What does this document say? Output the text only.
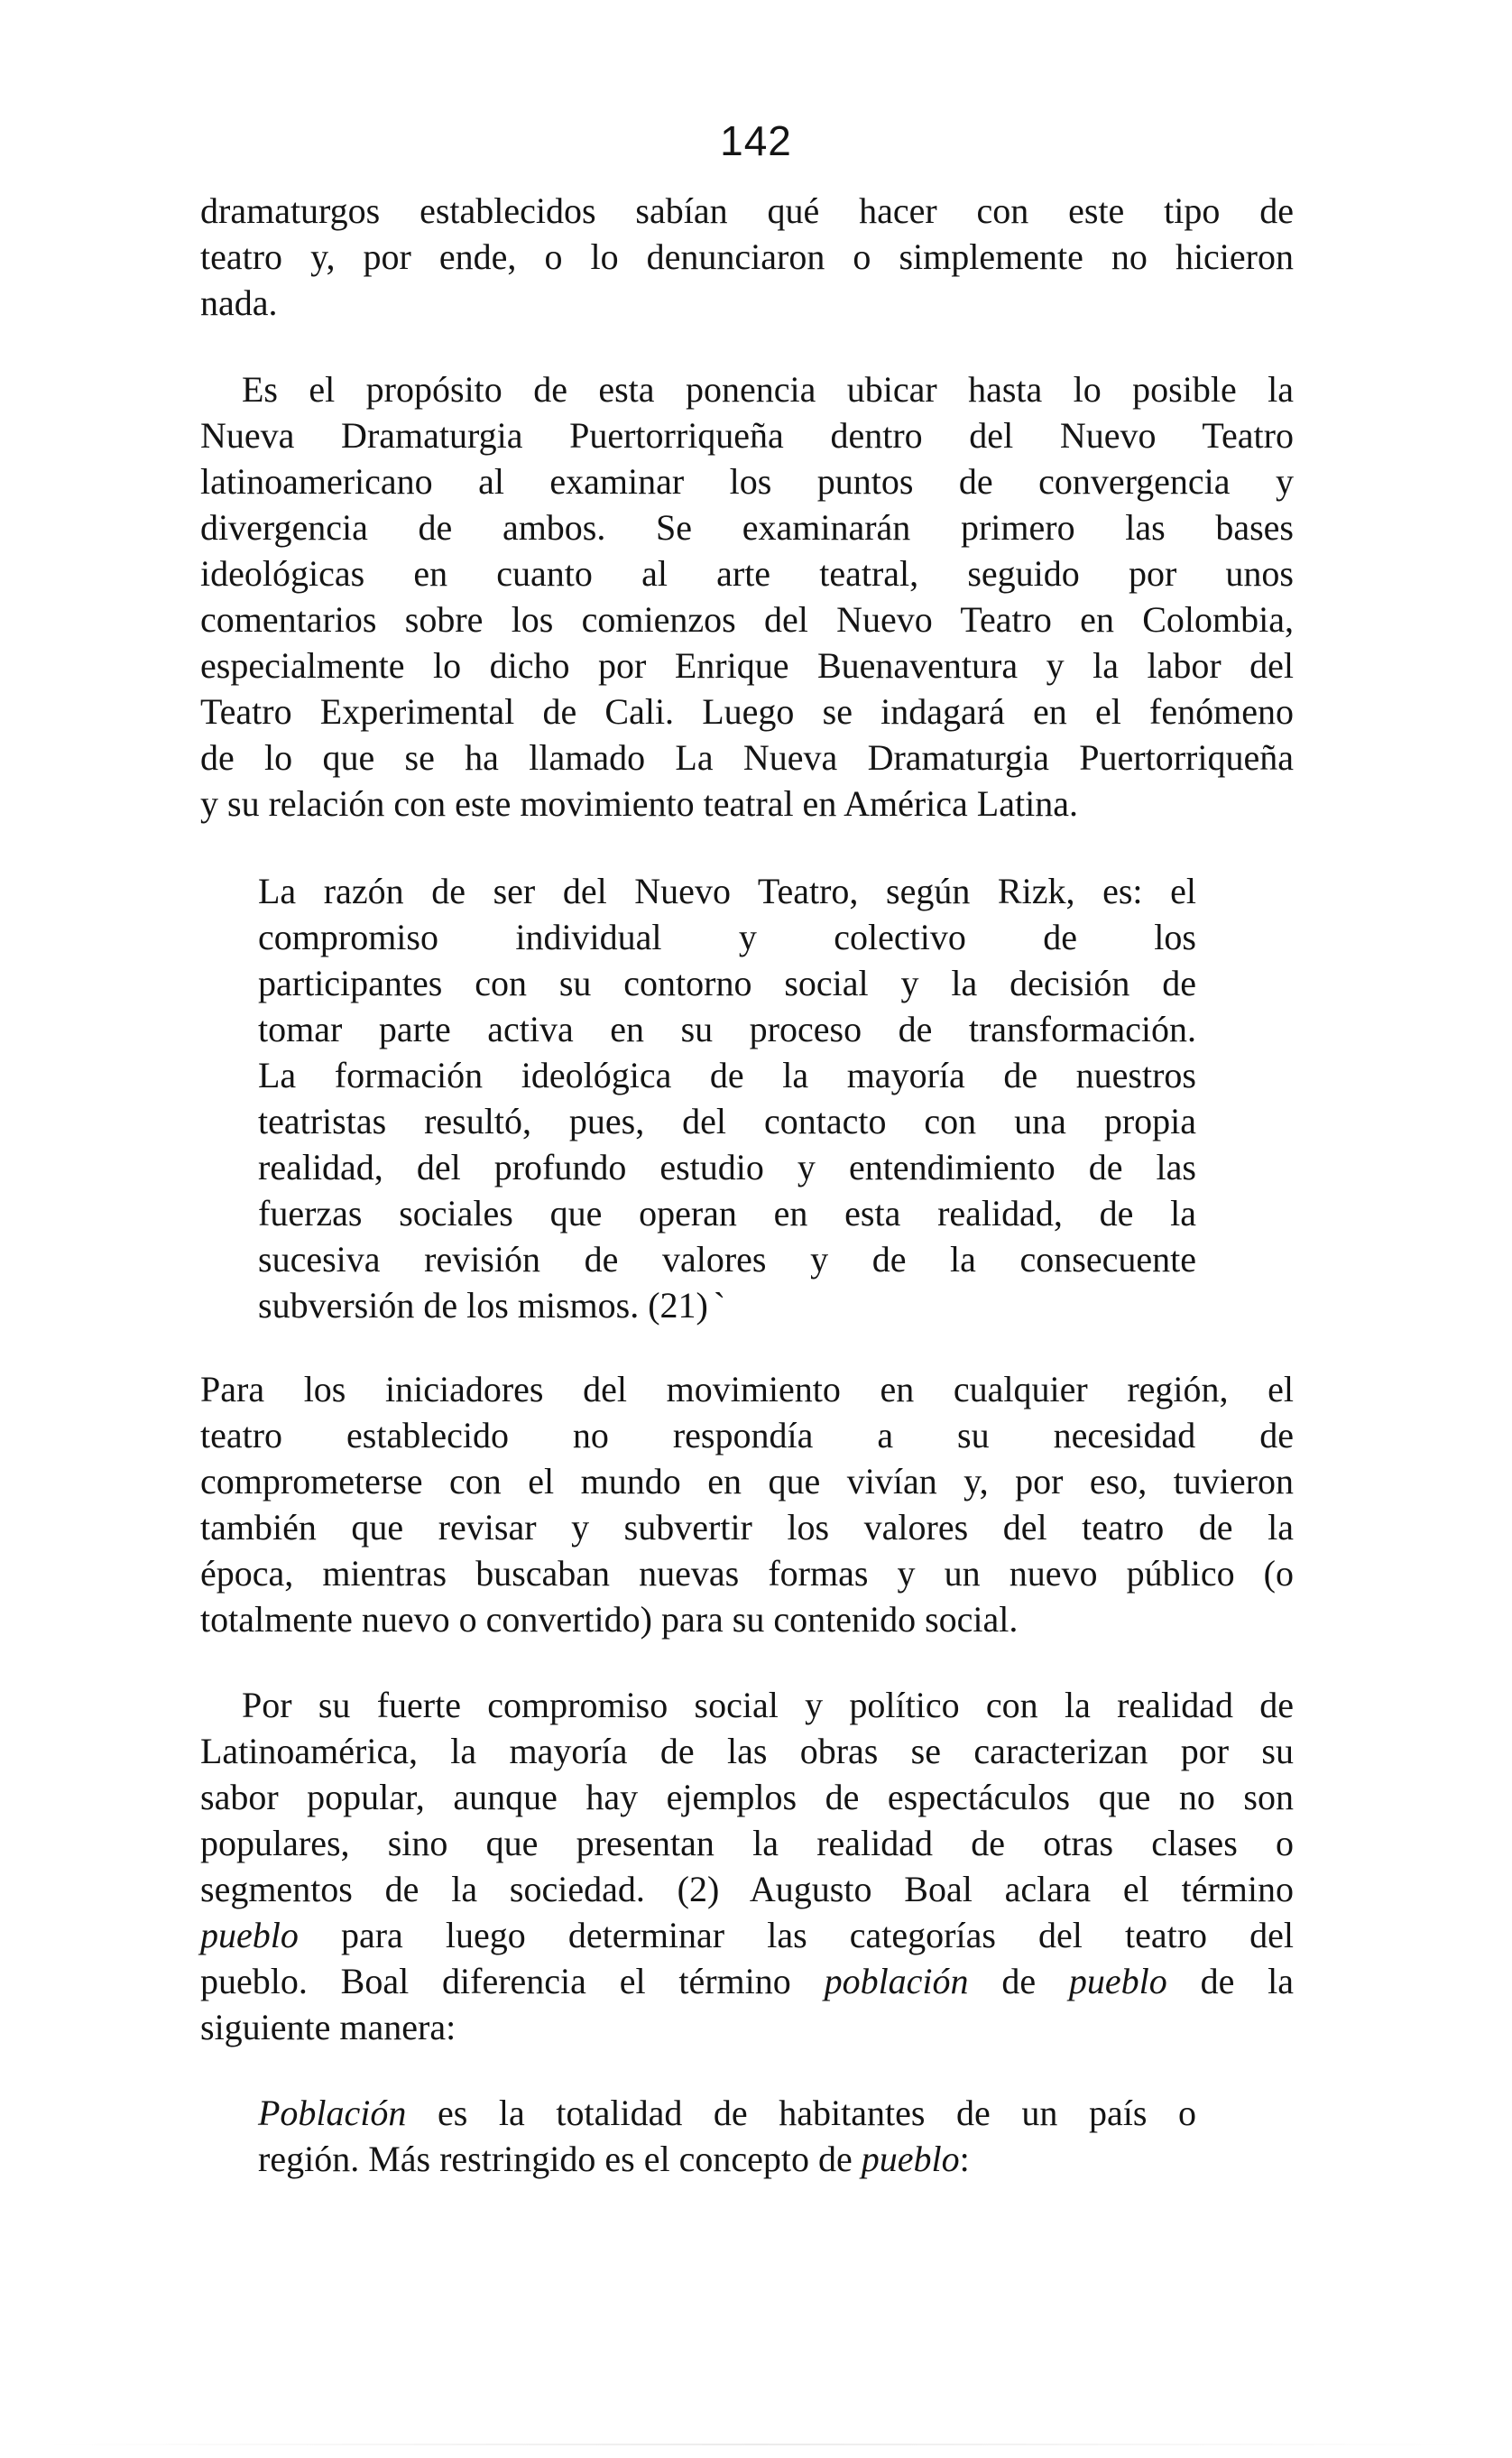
142
dramaturgos establecidos sabían qué hacer con este tipo de
teatro y, por ende, o lo denunciaron o simplemente no hicieron
nada.
Es el propósito de esta ponencia ubicar hasta lo posible la
Nueva Dramaturgia Puertorriqueña dentro del Nuevo Teatro
latinoamericano al examinar los puntos de convergencia y
divergencia de ambos. Se examinarán primero las bases
ideológicas en cuanto al arte teatral, seguido por unos
comentarios sobre los comienzos del Nuevo Teatro en Colombia,
especialmente lo dicho por Enrique Buenaventura y la labor del
Teatro Experimental de Cali. Luego se indagará en el fenómeno
de lo que se ha llamado La Nueva Dramaturgia Puertorriqueña
y su relación con este movimiento teatral en América Latina.
La razón de ser del Nuevo Teatro, según Rizk, es: el
compromiso individual y colectivo de los
participantes con su contorno social y la decisión de
tomar parte activa en su proceso de transformación.
La formación ideológica de la mayoría de nuestros
teatristas resultó, pues, del contacto con una propia
realidad, del profundo estudio y entendimiento de las
fuerzas sociales que operan en esta realidad, de la
sucesiva revisión de valores y de la consecuente
subversión de los mismos. (21) `
Para los iniciadores del movimiento en cualquier región, el
teatro establecido no respondía a su necesidad de
comprometerse con el mundo en que vivían y, por eso, tuvieron
también que revisar y subvertir los valores del teatro de la
época, mientras buscaban nuevas formas y un nuevo público (o
totalmente nuevo o convertido) para su contenido social.
Por su fuerte compromiso social y político con la realidad de
Latinoamérica, la mayoría de las obras se caracterizan por su
sabor popular, aunque hay ejemplos de espectáculos que no son
populares, sino que presentan la realidad de otras clases o
segmentos de la sociedad. (2) Augusto Boal aclara el término
pueblo para luego determinar las categorías del teatro del
pueblo. Boal diferencia el término población de pueblo de la
siguiente manera:
Población es la totalidad de habitantes de un país o
región. Más restringido es el concepto de pueblo:
